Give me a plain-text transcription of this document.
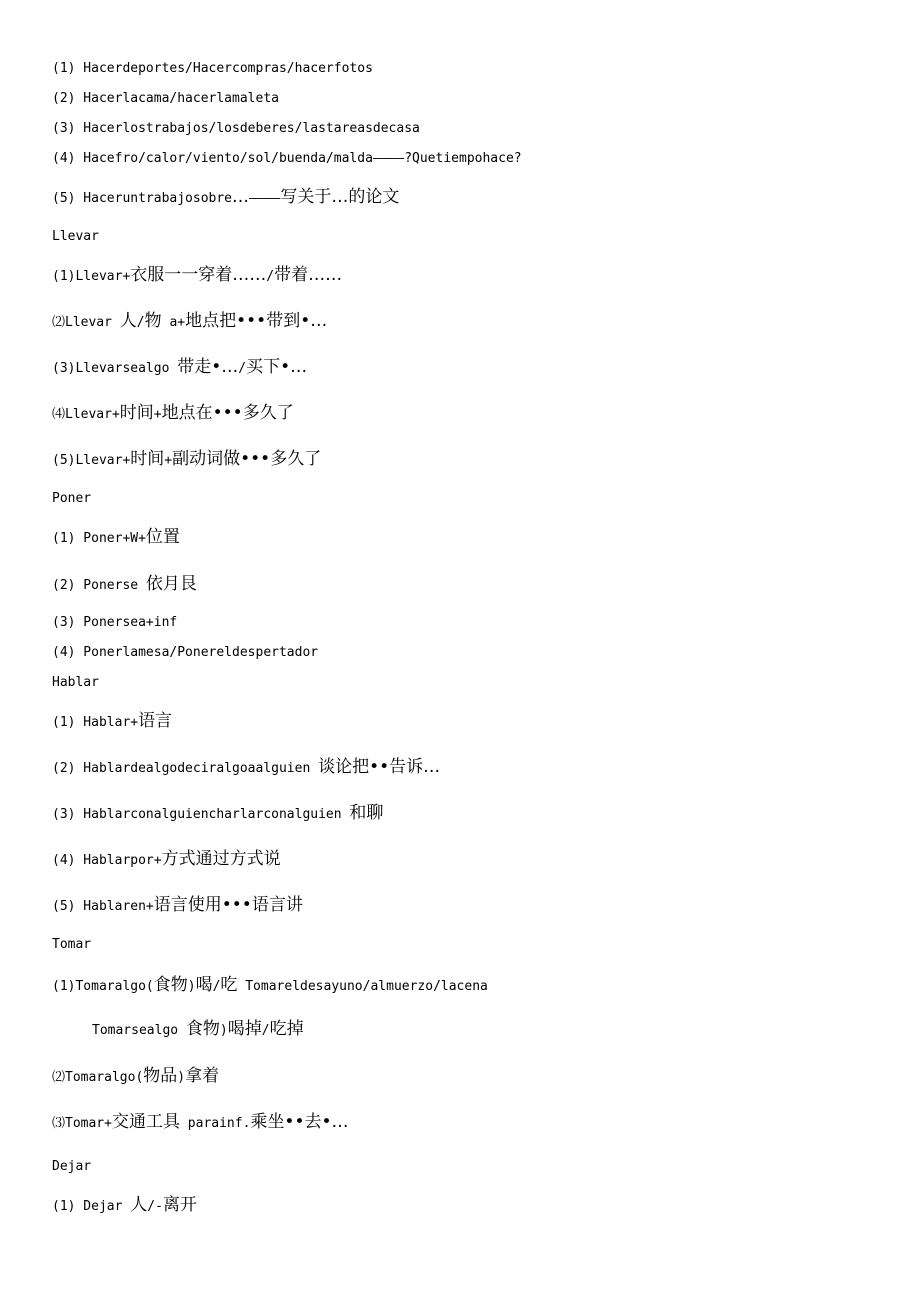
(1) Hacerdeportes/Hacercompras/hacerfotos
(2) Hacerlacama/hacerlamaleta
(3) Hacerlostrabajos/losdeberes/lastareasdecasa
(4) Hacefro/calor/viento/sol/buenda/malda————?Quetiempohace?
(5) Haceruntrabajosobre…————写关于…的论文
Llevar
(1)Llevar+衣服一一穿着……/带着……
⑵Llevar 人/物 a+地点把•••带到•…
(3)Llevarsealgo 带走•…/买下•…
⑷Llevar+时间+地点在•••多久了
(5)Llevar+时间+副动词做•••多久了
Poner
(1) Poner+W+位置
(2) Ponerse 依月艮
(3) Ponersea+inf
(4) Ponerlamesa/Ponereldespertador
Hablar
(1) Hablar+语言
(2) Hablardealgodeciralgoaalguien 谈论把••告诉…
(3) Hablarconalguiencharlarconalguien 和聊
(4) Hablarpor+方式通过方式说
(5) Hablaren+语言使用•••语言讲
Tomar
(1)Tomaralgo(食物)喝/吃 Tomareldesayuno/almuerzo/lacena
Tomarsealgo 食物)喝掉/吃掉
⑵Tomaralgo(物品)拿着
⑶Tomar+交通工具 parainf.乘坐••去•…
Dejar
(1) Dejar 人/-离开
